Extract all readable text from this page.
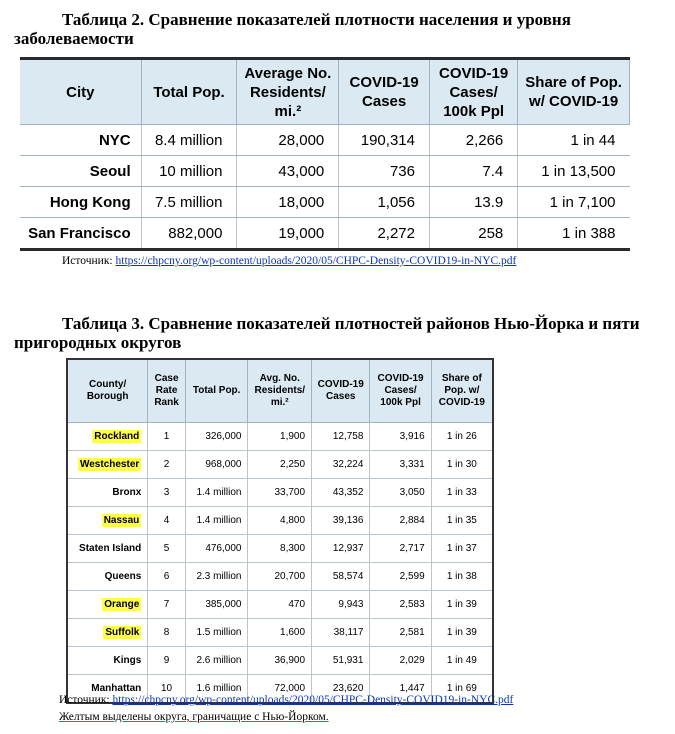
Таблица 2. Сравнение показателей плотности населения и уровня заболеваемости
City	Total Pop.	Average No. Residents/ mi.²	COVID-19 Cases	COVID-19 Cases/ 100k Ppl	Share of Pop. w/ COVID-19
NYC	8.4 million	28,000	190,314	2,266	1 in 44
Seoul	10 million	43,000	736	7.4	1 in 13,500
Hong Kong	7.5 million	18,000	1,056	13.9	1 in 7,100
San Francisco	882,000	19,000	2,272	258	1 in 388
Источник: https://chpcny.org/wp-content/uploads/2020/05/CHPC-Density-COVID19-in-NYC.pdf
Таблица 3. Сравнение показателей плотностей районов Нью-Йорка и пяти пригородных округов
County/ Borough	Case Rate Rank	Total Pop.	Avg. No. Residents/ mi.²	COVID-19 Cases	COVID-19 Cases/ 100k Ppl	Share of Pop. w/ COVID-19
Rockland	1	326,000	1,900	12,758	3,916	1 in 26
Westchester	2	968,000	2,250	32,224	3,331	1 in 30
Bronx	3	1.4 million	33,700	43,352	3,050	1 in 33
Nassau	4	1.4 million	4,800	39,136	2,884	1 in 35
Staten Island	5	476,000	8,300	12,937	2,717	1 in 37
Queens	6	2.3 million	20,700	58,574	2,599	1 in 38
Orange	7	385,000	470	9,943	2,583	1 in 39
Suffolk	8	1.5 million	1,600	38,117	2,581	1 in 39
Kings	9	2.6 million	36,900	51,931	2,029	1 in 49
Manhattan	10	1.6 million	72,000	23,620	1,447	1 in 69
Источник: https://chpcny.org/wp-content/uploads/2020/05/CHPC-Density-COVID19-in-NYC.pdf
Желтым выделены округа, граничащие с Нью-Йорком.
